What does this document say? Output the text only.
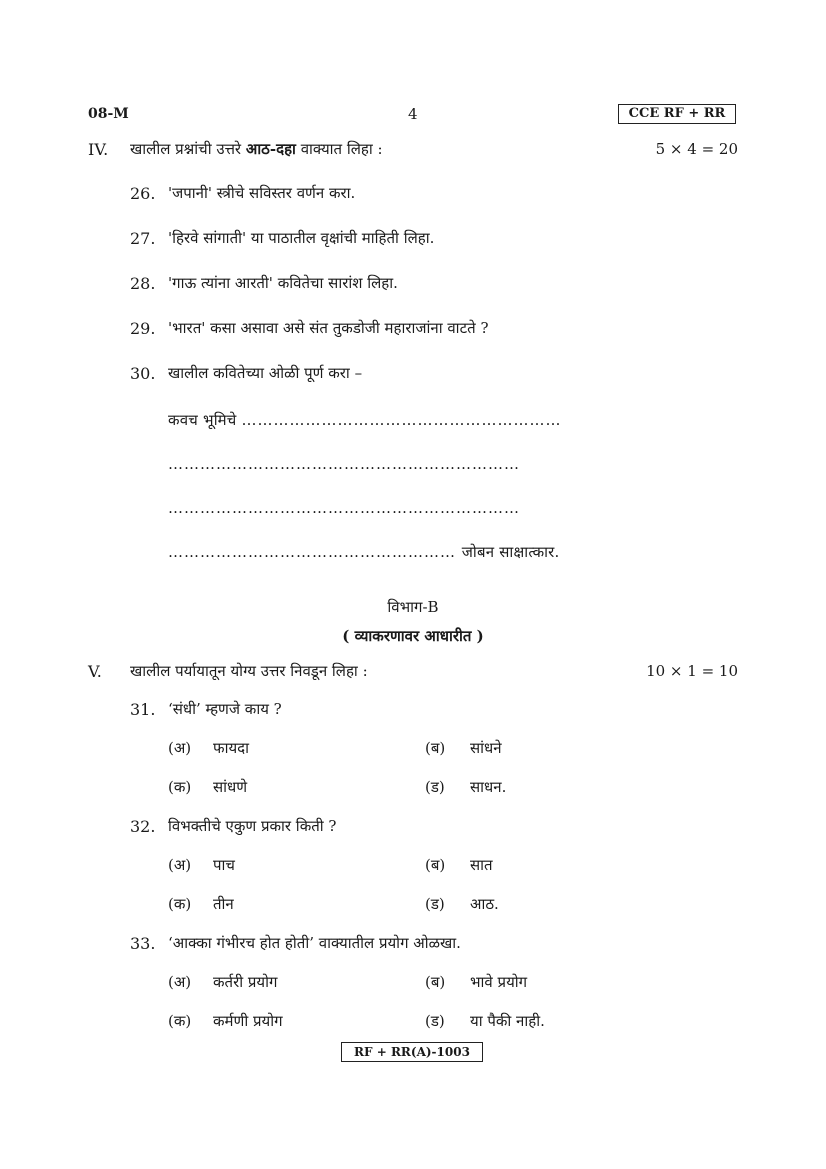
08-M	4	CCE RF + RR
IV. खालील प्रश्नांची उत्तरे आठ-दहा वाक्यात लिहा :	5 × 4 = 20
26. 'जपानी' स्त्रीचे सविस्तर वर्णन करा.
27. 'हिरवे सांगाती' या पाठातील वृक्षांची माहिती लिहा.
28. 'गाऊ त्यांना आरती' कवितेचा सारांश लिहा.
29. 'भारत' कसा असावा असे संत तुकडोजी महाराजांना वाटते ?
30. खालील कवितेच्या ओळी पूर्ण करा –
कवच भूमिचे ……………………………………………………
…………………………………………………………
…………………………………………………………
……………………………………………… जोबन साक्षात्कार.
विभाग-B
( व्याकरणावर आधारीत )
V. खालील पर्यायातून योग्य उत्तर निवडून लिहा :	10 × 1 = 10
31. ‘संधी’ म्हणजे काय ?
(अ) फायदा	(ब) सांधने
(क) सांधणे	(ड) साधन.
32. विभक्तीचे एकुण प्रकार किती ?
(अ) पाच	(ब) सात
(क) तीन	(ड) आठ.
33. ‘आक्का गंभीरच होत होती’ वाक्यातील प्रयोग ओळखा.
(अ) कर्तरी प्रयोग	(ब) भावे प्रयोग
(क) कर्मणी प्रयोग	(ड) या पैकी नाही.
RF + RR(A)-1003
